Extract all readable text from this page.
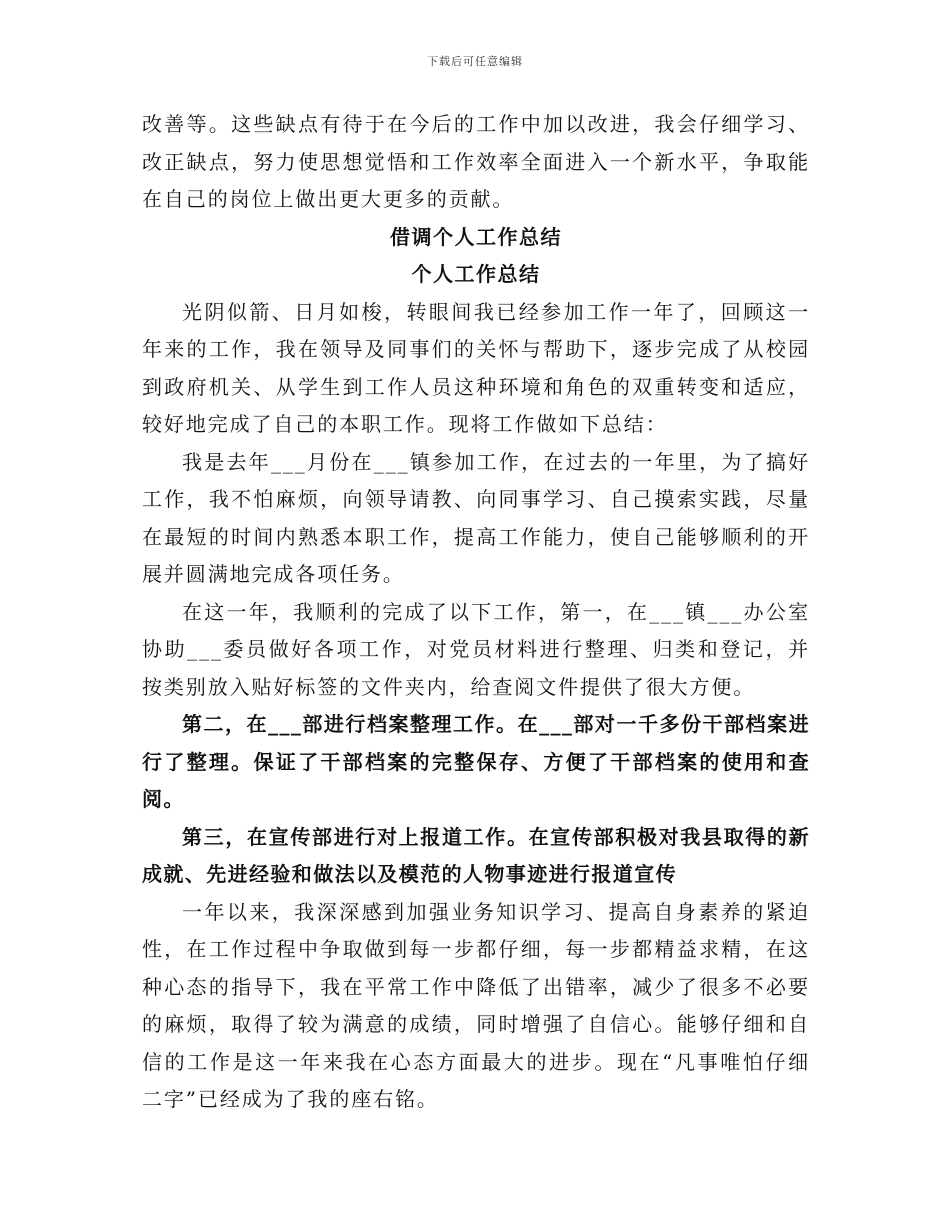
下载后可任意编辑

改善等。这些缺点有待于在今后的工作中加以改进，我会仔细学习、改正缺点，努力使思想觉悟和工作效率全面进入一个新水平，争取能在自己的岗位上做出更大更多的贡献。

借调个人工作总结

个人工作总结

光阴似箭、日月如梭，转眼间我已经参加工作一年了，回顾这一年来的工作，我在领导及同事们的关怀与帮助下，逐步完成了从校园到政府机关、从学生到工作人员这种环境和角色的双重转变和适应，较好地完成了自己的本职工作。现将工作做如下总结：

我是去年___月份在___镇参加工作，在过去的一年里，为了搞好工作，我不怕麻烦，向领导请教、向同事学习、自己摸索实践，尽量在最短的时间内熟悉本职工作，提高工作能力，使自己能够顺利的开展并圆满地完成各项任务。

在这一年，我顺利的完成了以下工作，第一，在___镇___办公室协助___委员做好各项工作，对党员材料进行整理、归类和登记，并按类别放入贴好标签的文件夹内，给查阅文件提供了很大方便。

第二，在___部进行档案整理工作。在___部对一千多份干部档案进行了整理。保证了干部档案的完整保存、方便了干部档案的使用和查阅。

第三，在宣传部进行对上报道工作。在宣传部积极对我县取得的新成就、先进经验和做法以及模范的人物事迹进行报道宣传

一年以来，我深深感到加强业务知识学习、提高自身素养的紧迫性，在工作过程中争取做到每一步都仔细，每一步都精益求精，在这种心态的指导下，我在平常工作中降低了出错率，减少了很多不必要的麻烦，取得了较为满意的成绩，同时增强了自信心。能够仔细和自信的工作是这一年来我在心态方面最大的进步。现在“凡事唯怕仔细二字”已经成为了我的座右铭。
